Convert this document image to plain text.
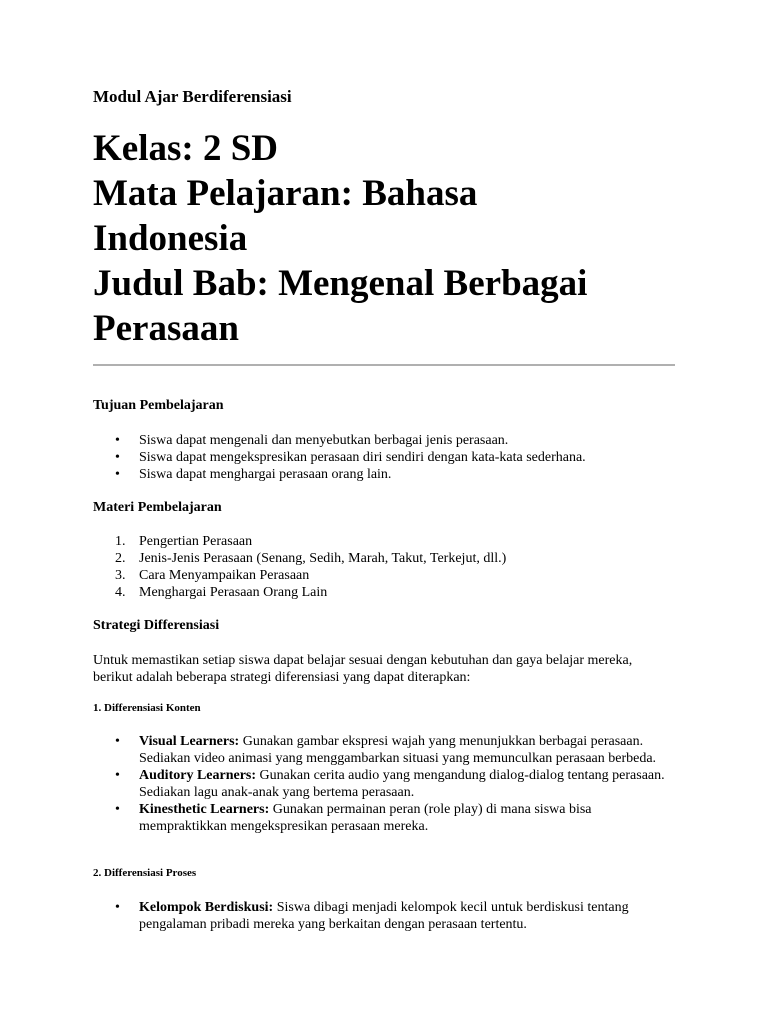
Modul Ajar Berdiferensiasi
Kelas: 2 SD
Mata Pelajaran: Bahasa
Indonesia
Judul Bab: Mengenal Berbagai
Perasaan
Tujuan Pembelajaran
• Siswa dapat mengenali dan menyebutkan berbagai jenis perasaan.
• Siswa dapat mengekspresikan perasaan diri sendiri dengan kata-kata sederhana.
• Siswa dapat menghargai perasaan orang lain.
Materi Pembelajaran
1. Pengertian Perasaan
2. Jenis-Jenis Perasaan (Senang, Sedih, Marah, Takut, Terkejut, dll.)
3. Cara Menyampaikan Perasaan
4. Menghargai Perasaan Orang Lain
Strategi Differensiasi
Untuk memastikan setiap siswa dapat belajar sesuai dengan kebutuhan dan gaya belajar mereka, berikut adalah beberapa strategi diferensiasi yang dapat diterapkan:
1. Differensiasi Konten
• Visual Learners: Gunakan gambar ekspresi wajah yang menunjukkan berbagai perasaan. Sediakan video animasi yang menggambarkan situasi yang memunculkan perasaan berbeda.
• Auditory Learners: Gunakan cerita audio yang mengandung dialog-dialog tentang perasaan. Sediakan lagu anak-anak yang bertema perasaan.
• Kinesthetic Learners: Gunakan permainan peran (role play) di mana siswa bisa mempraktikkan mengekspresikan perasaan mereka.
2. Differensiasi Proses
• Kelompok Berdiskusi: Siswa dibagi menjadi kelompok kecil untuk berdiskusi tentang pengalaman pribadi mereka yang berkaitan dengan perasaan tertentu.
